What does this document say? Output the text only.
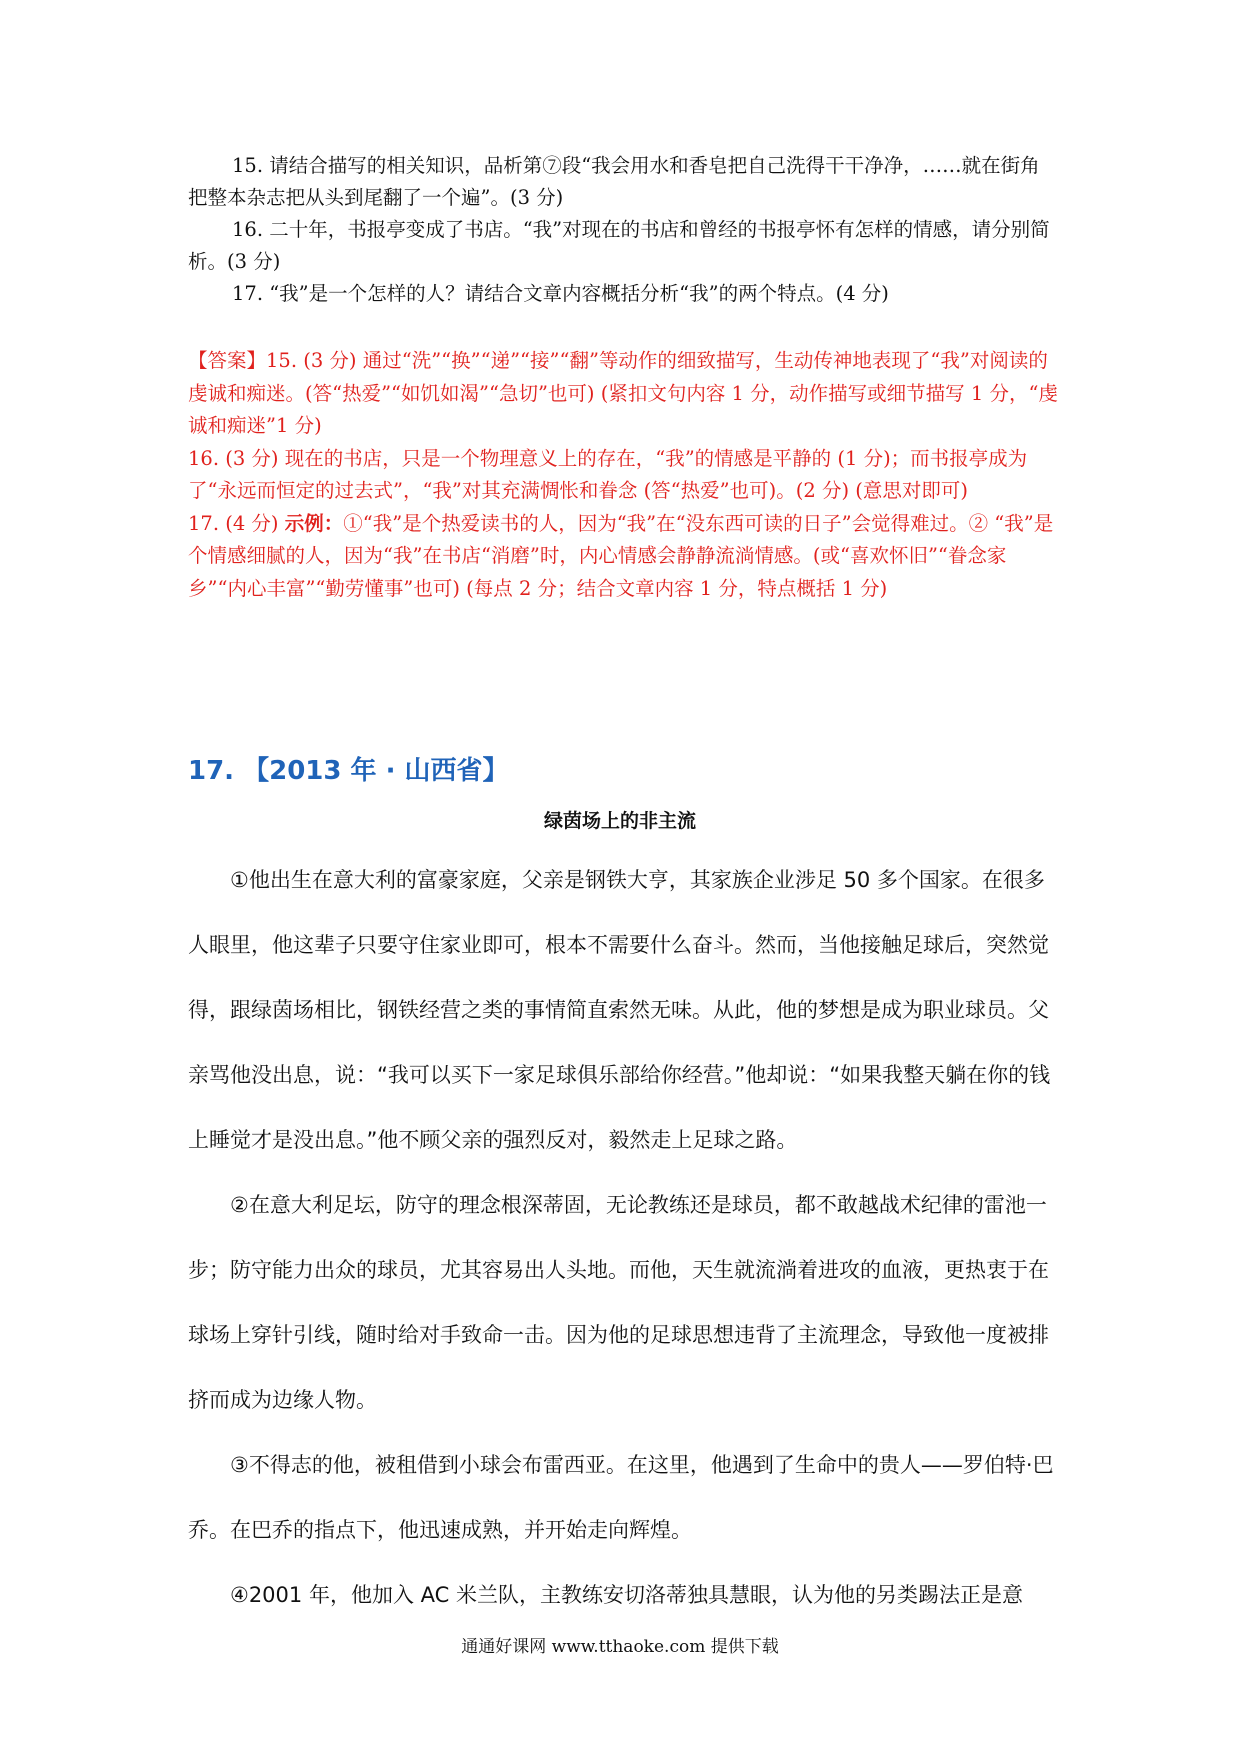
15. 请结合描写的相关知识，品析第⑦段“我会用水和香皂把自己洗得干干净净，……就在街角把整本杂志把从头到尾翻了一个遍”。(3 分)

16. 二十年，书报亭变成了书店。“我”对现在的书店和曾经的书报亭怀有怎样的情感，请分别简析。(3 分)

17. “我”是一个怎样的人？请结合文章内容概括分析“我”的两个特点。(4 分)

【答案】15. (3 分) 通过“洗”“换”“递”“接”“翻”等动作的细致描写，生动传神地表现了“我”对阅读的虔诚和痴迷。(答“热爱”“如饥如渴”“急切”也可) (紧扣文句内容 1 分，动作描写或细节描写 1 分，“虔诚和痴迷”1 分)

16. (3 分) 现在的书店，只是一个物理意义上的存在，“我”的情感是平静的 (1 分)；而书报亭成为了“永远而恒定的过去式”，“我”对其充满惆怅和眷念 (答“热爱”也可)。(2 分) (意思对即可)

17. (4 分) 示例：①“我”是个热爱读书的人，因为“我”在“没东西可读的日子”会觉得难过。② “我”是个情感细腻的人，因为“我”在书店“消磨”时，内心情感会静静流淌情感。(或“喜欢怀旧”“眷念家乡”“内心丰富”“勤劳懂事”也可) (每点 2 分；结合文章内容 1 分，特点概括 1 分)

17. 【2013 年 · 山西省】
绿茵场上的非主流

①他出生在意大利的富豪家庭，父亲是钢铁大亨，其家族企业涉足 50 多个国家。在很多人眼里，他这辈子只要守住家业即可，根本不需要什么奋斗。然而，当他接触足球后，突然觉得，跟绿茵场相比，钢铁经营之类的事情简直索然无味。从此，他的梦想是成为职业球员。父亲骂他没出息，说：“我可以买下一家足球俱乐部给你经营。”他却说：“如果我整天躺在你的钱上睡觉才是没出息。”他不顾父亲的强烈反对，毅然走上足球之路。

②在意大利足坛，防守的理念根深蒂固，无论教练还是球员，都不敢越战术纪律的雷池一步；防守能力出众的球员，尤其容易出人头地。而他，天生就流淌着进攻的血液，更热衷于在球场上穿针引线，随时给对手致命一击。因为他的足球思想违背了主流理念，导致他一度被排挤而成为边缘人物。

③不得志的他，被租借到小球会布雷西亚。在这里，他遇到了生命中的贵人——罗伯特·巴乔。在巴乔的指点下，他迅速成熟，并开始走向辉煌。

④2001 年，他加入 AC 米兰队，主教练安切洛蒂独具慧眼，认为他的另类踢法正是意

通通好课网 www.tthaoke.com 提供下载
